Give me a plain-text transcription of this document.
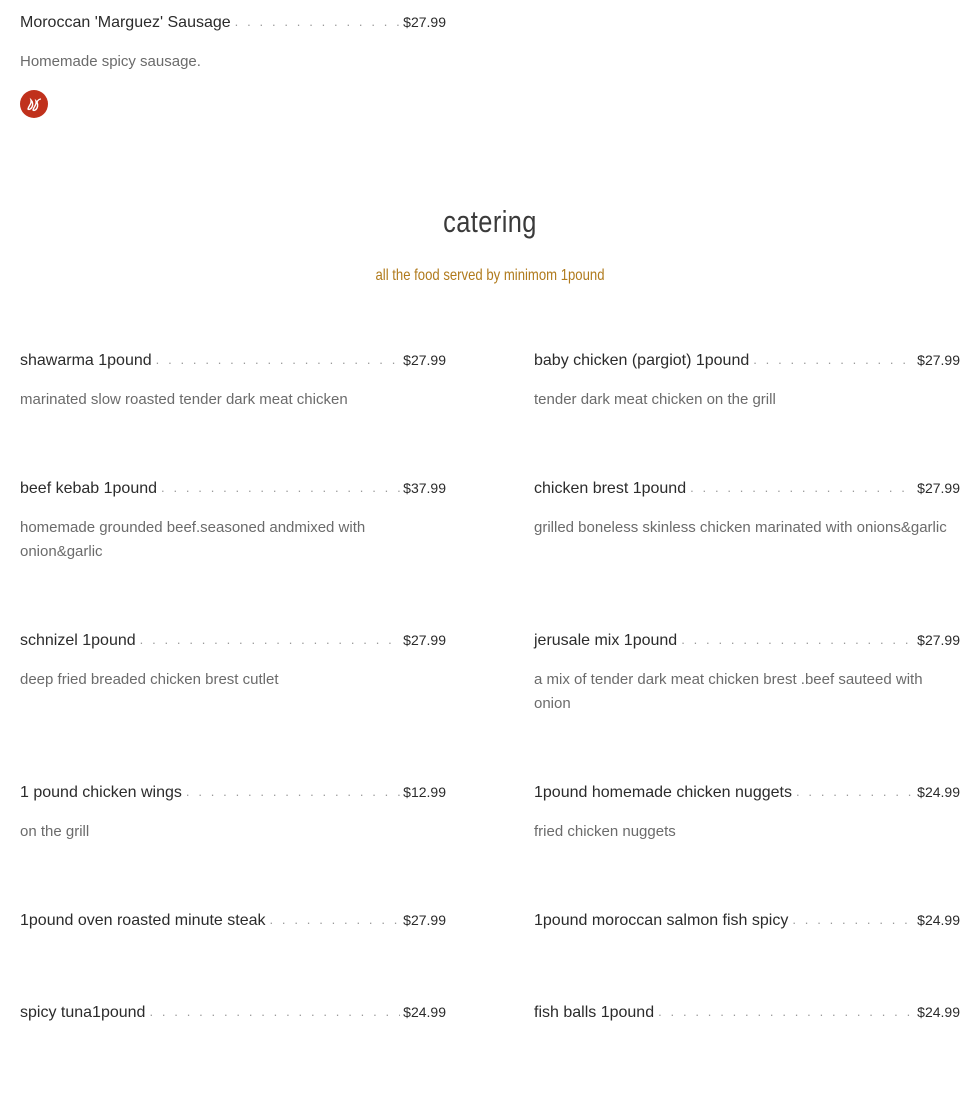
Moroccan 'Marguez' Sausage . . .	$27.99
Homemade spicy sausage.
catering
all the food served by minimom 1pound
shawarma 1pound . . .	$27.99
marinated slow roasted tender dark meat chicken
baby chicken (pargiot) 1pound . . .	$27.99
tender dark meat chicken on the grill
beef kebab 1pound . . .	$37.99
homemade grounded beef.seasoned andmixed with onion&garlic
chicken brest 1pound . . .	$27.99
grilled boneless skinless chicken marinated with onions&garlic
schnizel 1pound . . .	$27.99
deep fried breaded chicken brest cutlet
jerusale mix 1pound . . .	$27.99
a mix of tender dark meat chicken brest .beef sauteed with onion
1 pound chicken wings . . .	$12.99
on the grill
1pound homemade chicken nuggets . . .	$24.99
fried chicken nuggets
1pound oven roasted minute steak . . .	$27.99	1pound moroccan salmon fish spicy . . .	$24.99
spicy tuna1pound . . .	$24.99	fish balls 1pound . . .	$24.99
